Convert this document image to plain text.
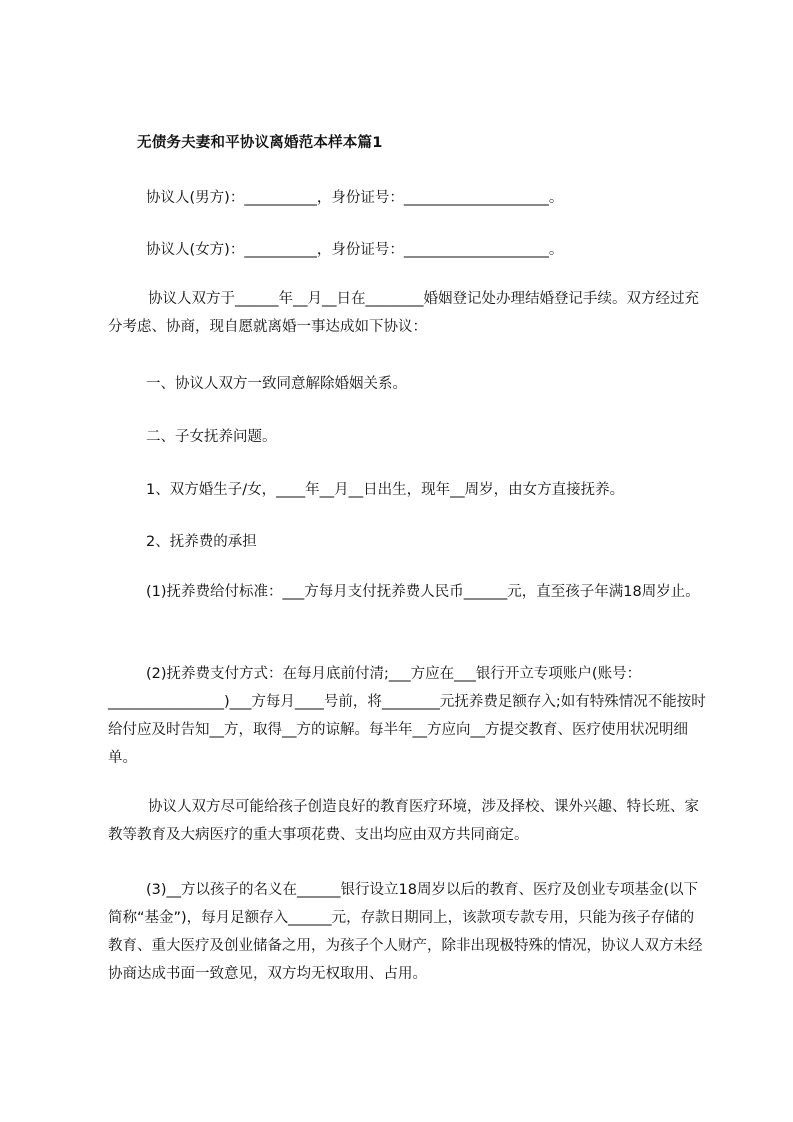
无债务夫妻和平协议离婚范本样本篇1
协议人(男方)：__________，身份证号：____________________。
协议人(女方)：__________，身份证号：____________________。
协议人双方于______年__月__日在________婚姻登记处办理结婚登记手续。双方经过充分考虑、协商，现自愿就离婚一事达成如下协议：
一、协议人双方一致同意解除婚姻关系。
二、子女抚养问题。
1、双方婚生子/女，____年__月__日出生，现年__周岁，由女方直接抚养。
2、抚养费的承担
(1)抚养费给付标准：___方每月支付抚养费人民币______元，直至孩子年满18周岁止。
(2)抚养费支付方式：在每月底前付清;___方应在___银行开立专项账户(账号：________________)___方每月____号前，将________元抚养费足额存入;如有特殊情况不能按时给付应及时告知__方，取得__方的谅解。每半年__方应向__方提交教育、医疗使用状况明细单。
协议人双方尽可能给孩子创造良好的教育医疗环境，涉及择校、课外兴趣、特长班、家教等教育及大病医疗的重大事项花费、支出均应由双方共同商定。
(3)__方以孩子的名义在______银行设立18周岁以后的教育、医疗及创业专项基金(以下简称“基金”)，每月足额存入______元，存款日期同上，该款项专款专用，只能为孩子存储的教育、重大医疗及创业储备之用，为孩子个人财产，除非出现极特殊的情况，协议人双方未经协商达成书面一致意见，双方均无权取用、占用。
